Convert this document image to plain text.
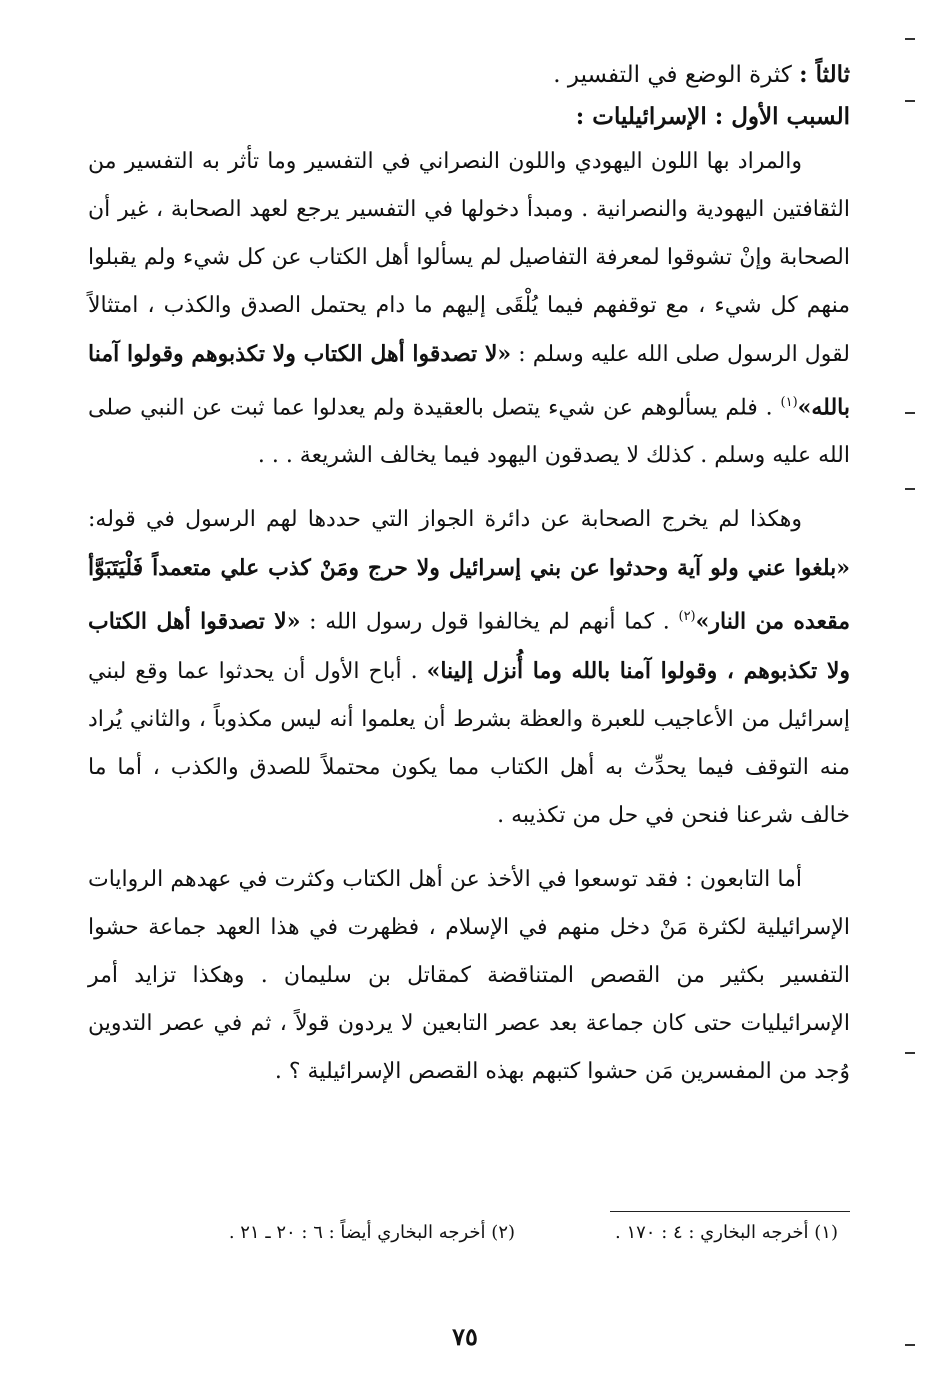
ثالثاً : كثرة الوضع في التفسير .
السبب الأول : الإسرائيليات :

والمراد بها اللون اليهودي واللون النصراني في التفسير وما تأثر به التفسير من الثقافتين اليهودية والنصرانية . ومبدأ دخولها في التفسير يرجع لعهد الصحابة ، غير أن الصحابة وإنْ تشوقوا لمعرفة التفاصيل لم يسألوا أهل الكتاب عن كل شيء ولم يقبلوا منهم كل شيء ، مع توقفهم فيما يُلْقَى إليهم ما دام يحتمل الصدق والكذب ، امتثالاً لقول الرسول صلى الله عليه وسلم : «لا تصدقوا أهل الكتاب ولا تكذبوهم وقولوا آمنا بالله»$^{(١)}$ . فلم يسألوهم عن شيء يتصل بالعقيدة ولم يعدلوا عما ثبت عن النبي صلى الله عليه وسلم . كذلك لا يصدقون اليهود فيما يخالف الشريعة . . .

وهكذا لم يخرج الصحابة عن دائرة الجواز التي حددها لهم الرسول في قوله: «بلغوا عني ولو آية وحدثوا عن بني إسرائيل ولا حرج ومَنْ كذب علي متعمداً فَلْيَتَبَوَّأ مقعده من النار»$^{(٢)}$ . كما أنهم لم يخالفوا قول رسول الله : «لا تصدقوا أهل الكتاب ولا تكذبوهم ، وقولوا آمنا بالله وما أُنزل إلينا» . أباح الأول أن يحدثوا عما وقع لبني إسرائيل من الأعاجيب للعبرة والعظة بشرط أن يعلموا أنه ليس مكذوباً ، والثاني يُراد منه التوقف فيما يحدِّث به أهل الكتاب مما يكون محتملاً للصدق والكذب ، أما ما خالف شرعنا فنحن في حل من تكذيبه .

أما التابعون : فقد توسعوا في الأخذ عن أهل الكتاب وكثرت في عهدهم الروايات الإسرائيلية لكثرة مَنْ دخل منهم في الإسلام ، فظهرت في هذا العهد جماعة حشوا التفسير بكثير من القصص المتناقضة كمقاتل بن سليمان . وهكذا تزايد أمر الإسرائيليات حتى كان جماعة بعد عصر التابعين لا يردون قولاً ، ثم في عصر التدوين وُجد من المفسرين مَن حشوا كتبهم بهذه القصص الإسرائيلية ؟ .

(١) أخرجه البخاري : ٤ : ١٧٠ .
(٢) أخرجه البخاري أيضاً : ٦ : ٢٠ ـ ٢١ .
٧٥
